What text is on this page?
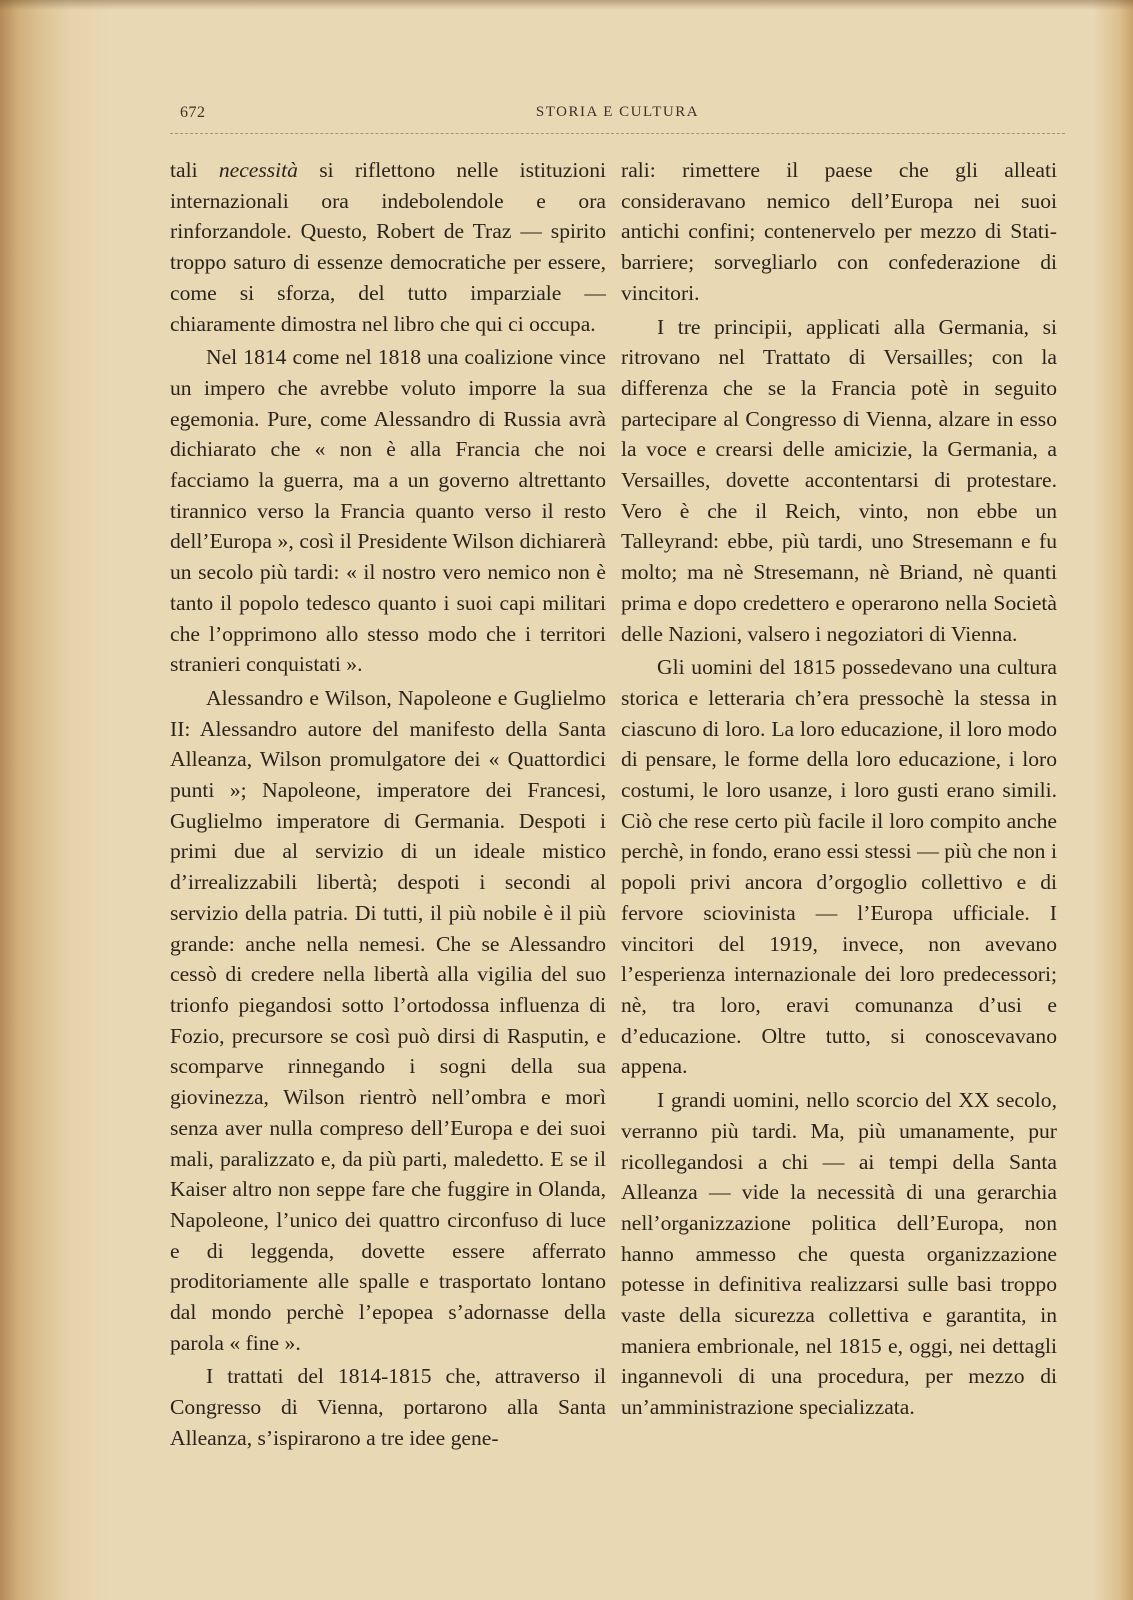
672	STORIA E CULTURA

tali necessità si riflettono nelle istituzioni internazionali ora indebolendole e ora rinforzandole. Questo, Robert de Traz — spirito troppo saturo di essenze democratiche per essere, come si sforza, del tutto imparziale — chiaramente dimostra nel libro che qui ci occupa.

Nel 1814 come nel 1818 una coalizione vince un impero che avrebbe voluto imporre la sua egemonia. Pure, come Alessandro di Russia avrà dichiarato che « non è alla Francia che noi facciamo la guerra, ma a un governo altrettanto tirannico verso la Francia quanto verso il resto dell’Europa », così il Presidente Wilson dichiarerà un secolo più tardi: « il nostro vero nemico non è tanto il popolo tedesco quanto i suoi capi militari che l’opprimono allo stesso modo che i territori stranieri conquistati ».

Alessandro e Wilson, Napoleone e Guglielmo II: Alessandro autore del manifesto della Santa Alleanza, Wilson promulgatore dei « Quattordici punti »; Napoleone, imperatore dei Francesi, Guglielmo imperatore di Germania. Despoti i primi due al servizio di un ideale mistico d’irrealizzabili libertà; despoti i secondi al servizio della patria. Di tutti, il più nobile è il più grande: anche nella nemesi. Che se Alessandro cessò di credere nella libertà alla vigilia del suo trionfo piegandosi sotto l’ortodossa influenza di Fozio, precursore se così può dirsi di Rasputin, e scomparve rinnegando i sogni della sua giovinezza, Wilson rientrò nell’ombra e morì senza aver nulla compreso dell’Europa e dei suoi mali, paralizzato e, da più parti, maledetto. E se il Kaiser altro non seppe fare che fuggire in Olanda, Napoleone, l’unico dei quattro circonfuso di luce e di leggenda, dovette essere afferrato proditoriamente alle spalle e trasportato lontano dal mondo perchè l’epopea s’adornasse della parola « fine ».

I trattati del 1814-1815 che, attraverso il Congresso di Vienna, portarono alla Santa Alleanza, s’ispirarono a tre idee gene-

rali: rimettere il paese che gli alleati consideravano nemico dell’Europa nei suoi antichi confini; contenervelo per mezzo di Stati-barriere; sorvegliarlo con confederazione di vincitori.

I tre principii, applicati alla Germania, si ritrovano nel Trattato di Versailles; con la differenza che se la Francia potè in seguito partecipare al Congresso di Vienna, alzare in esso la voce e crearsi delle amicizie, la Germania, a Versailles, dovette accontentarsi di protestare. Vero è che il Reich, vinto, non ebbe un Talleyrand: ebbe, più tardi, uno Stresemann e fu molto; ma nè Stresemann, nè Briand, nè quanti prima e dopo credettero e operarono nella Società delle Nazioni, valsero i negoziatori di Vienna.

Gli uomini del 1815 possedevano una cultura storica e letteraria ch’era pressochè la stessa in ciascuno di loro. La loro educazione, il loro modo di pensare, le forme della loro educazione, i loro costumi, le loro usanze, i loro gusti erano simili. Ciò che rese certo più facile il loro compito anche perchè, in fondo, erano essi stessi — più che non i popoli privi ancora d’orgoglio collettivo e di fervore sciovinista — l’Europa ufficiale. I vincitori del 1919, invece, non avevano l’esperienza internazionale dei loro predecessori; nè, tra loro, eravi comunanza d’usi e d’educazione. Oltre tutto, si conoscevavano appena.

I grandi uomini, nello scorcio del XX secolo, verranno più tardi. Ma, più umanamente, pur ricollegandosi a chi — ai tempi della Santa Alleanza — vide la necessità di una gerarchia nell’organizzazione politica dell’Europa, non hanno ammesso che questa organizzazione potesse in definitiva realizzarsi sulle basi troppo vaste della sicurezza collettiva e garantita, in maniera embrionale, nel 1815 e, oggi, nei dettagli ingannevoli di una procedura, per mezzo di un’amministrazione specializzata.
